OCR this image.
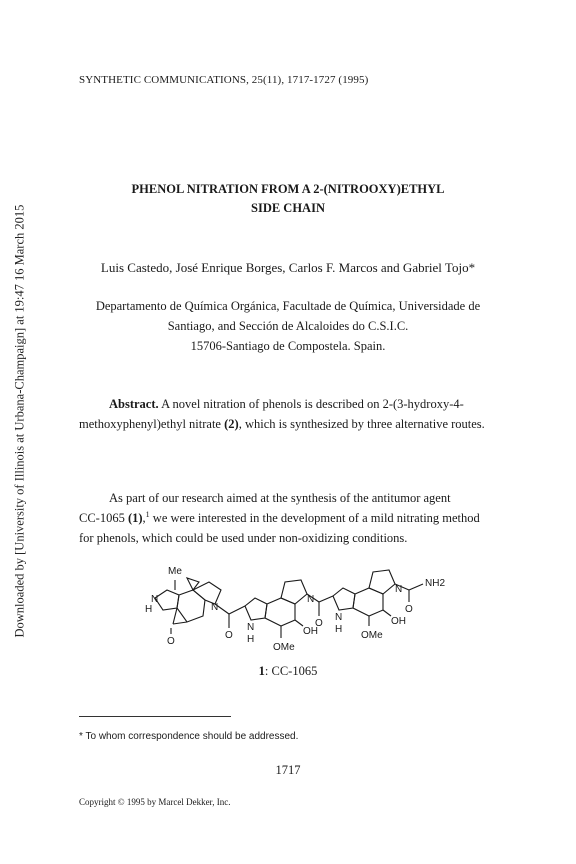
Downloaded by [University of Illinois at Urbana-Champaign] at 19:47 16 March 2015
SYNTHETIC COMMUNICATIONS, 25(11), 1717-1727 (1995)
PHENOL NITRATION FROM A 2-(NITROOXY)ETHYL
SIDE CHAIN
Luis Castedo, José Enrique Borges, Carlos F. Marcos and Gabriel Tojo*
Departamento de Química Orgánica, Facultade de Química, Universidade de
Santiago, and Sección de Alcaloides do C.S.I.C.
15706-Santiago de Compostela. Spain.
Abstract. A novel nitration of phenols is described on 2-(3-hydroxy-4-
methoxyphenyl)ethyl nitrate (2), which is synthesized by three alternative routes.
As part of our research aimed at the synthesis of the antitumor agent
CC-1065 (1),$^1$ we were interested in the development of a mild nitrating method
for phenols, which could be used under non-oxidizing conditions.
Me
H
N
O
N
O
N
H
OH
OMe
N
O
N
H
OH
OMe
N
NH2
O
1: CC-1065
* To whom correspondence should be addressed.
1717
Copyright © 1995 by Marcel Dekker, Inc.
